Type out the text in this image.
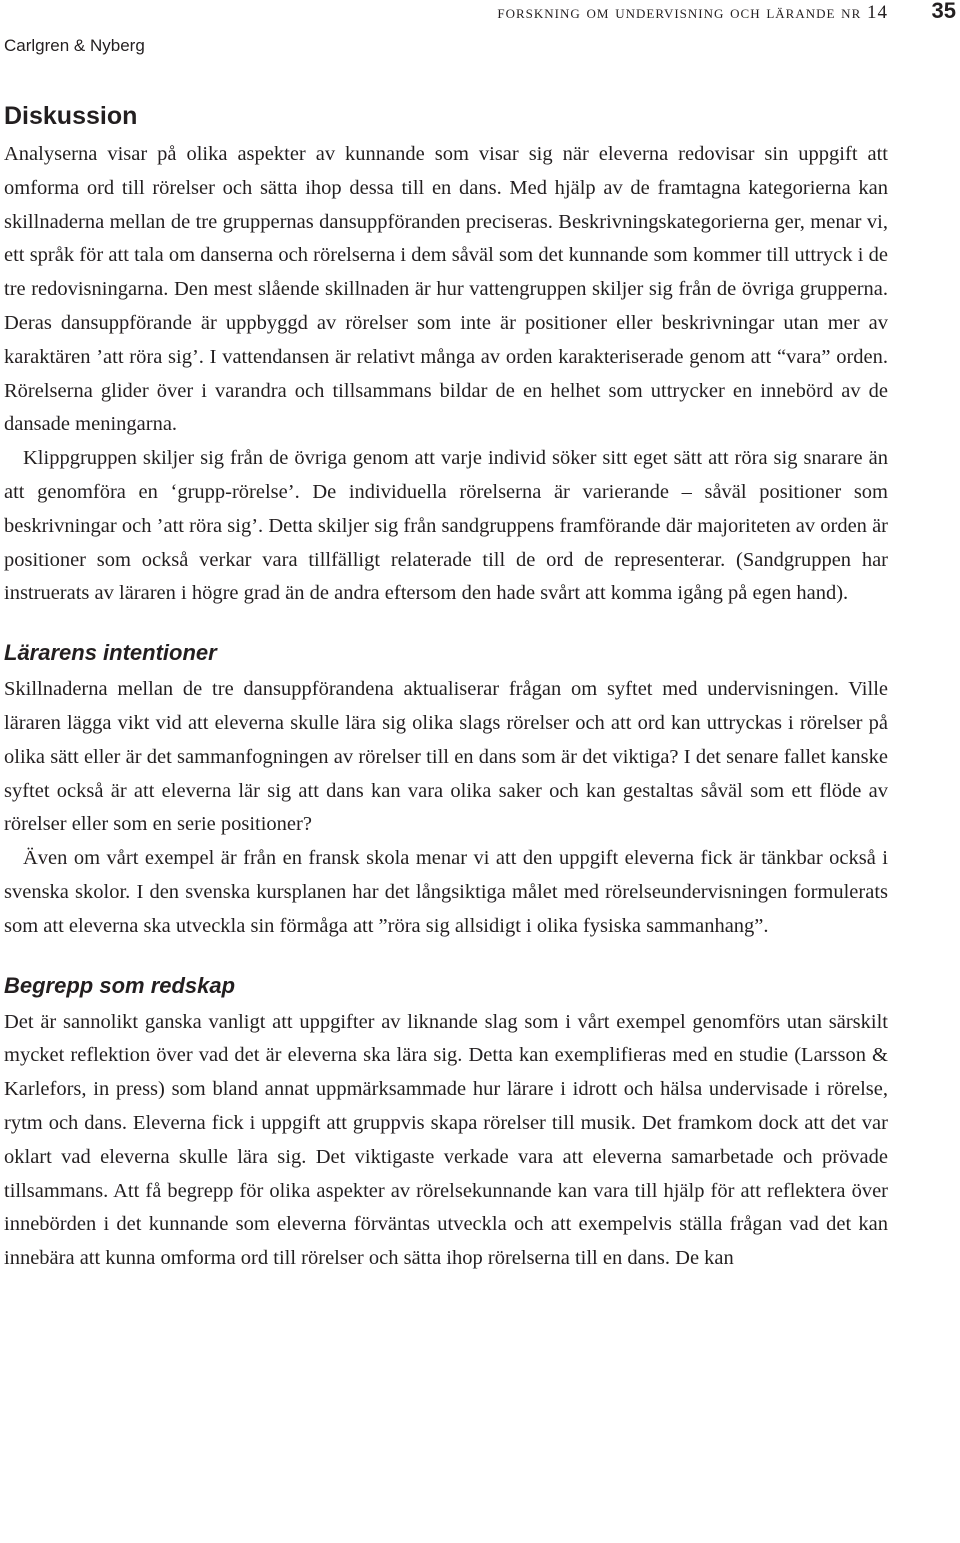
forskning om undervisning och lärande nr 14 35
Carlgren & Nyberg
Diskussion

Analyserna visar på olika aspekter av kunnande som visar sig när eleverna redovisar sin uppgift att omforma ord till rörelser och sätta ihop dessa till en dans. Med hjälp av de framtagna kategorierna kan skillnaderna mellan de tre gruppernas dansuppföranden preciseras. Beskrivningskategorierna ger, menar vi, ett språk för att tala om danserna och rörelserna i dem såväl som det kunnande som kommer till uttryck i de tre redovisningarna. Den mest slående skillnaden är hur vattengruppen skiljer sig från de övriga grupperna. Deras dansuppförande är uppbyggd av rörelser som inte är positioner eller beskrivningar utan mer av karaktären ’att röra sig’. I vattendansen är relativt många av orden karakteriserade genom att “vara” orden. Rörelserna glider över i varandra och tillsammans bildar de en helhet som uttrycker en innebörd av de dansade meningarna.

Klippgruppen skiljer sig från de övriga genom att varje individ söker sitt eget sätt att röra sig snarare än att genomföra en ‘grupp-rörelse’. De individuella rörelserna är varierande – såväl positioner som beskrivningar och ’att röra sig’. Detta skiljer sig från sandgruppens framförande där majoriteten av orden är positioner som också verkar vara tillfälligt relaterade till de ord de representerar. (Sandgruppen har instruerats av läraren i högre grad än de andra eftersom den hade svårt att komma igång på egen hand).

Lärarens intentioner

Skillnaderna mellan de tre dansuppförandena aktualiserar frågan om syftet med undervisningen. Ville läraren lägga vikt vid att eleverna skulle lära sig olika slags rörelser och att ord kan uttryckas i rörelser på olika sätt eller är det sammanfogningen av rörelser till en dans som är det viktiga? I det senare fallet kanske syftet också är att eleverna lär sig att dans kan vara olika saker och kan gestaltas såväl som ett flöde av rörelser eller som en serie positioner?

Även om vårt exempel är från en fransk skola menar vi att den uppgift eleverna fick är tänkbar också i svenska skolor. I den svenska kursplanen har det långsiktiga målet med rörelseundervisningen formulerats som att eleverna ska utveckla sin förmåga att ”röra sig allsidigt i olika fysiska sammanhang”.

Begrepp som redskap

Det är sannolikt ganska vanligt att uppgifter av liknande slag som i vårt exempel genomförs utan särskilt mycket reflektion över vad det är eleverna ska lära sig. Detta kan exemplifieras med en studie (Larsson & Karlefors, in press) som bland annat uppmärksammade hur lärare i idrott och hälsa undervisade i rörelse, rytm och dans. Eleverna fick i uppgift att gruppvis skapa rörelser till musik. Det framkom dock att det var oklart vad eleverna skulle lära sig. Det viktigaste verkade vara att eleverna samarbetade och prövade tillsammans. Att få begrepp för olika aspekter av rörelsekunnande kan vara till hjälp för att reflektera över innebörden i det kunnande som eleverna förväntas utveckla och att exempelvis ställa frågan vad det kan innebära att kunna omforma ord till rörelser och sätta ihop rörelserna till en dans. De kan
